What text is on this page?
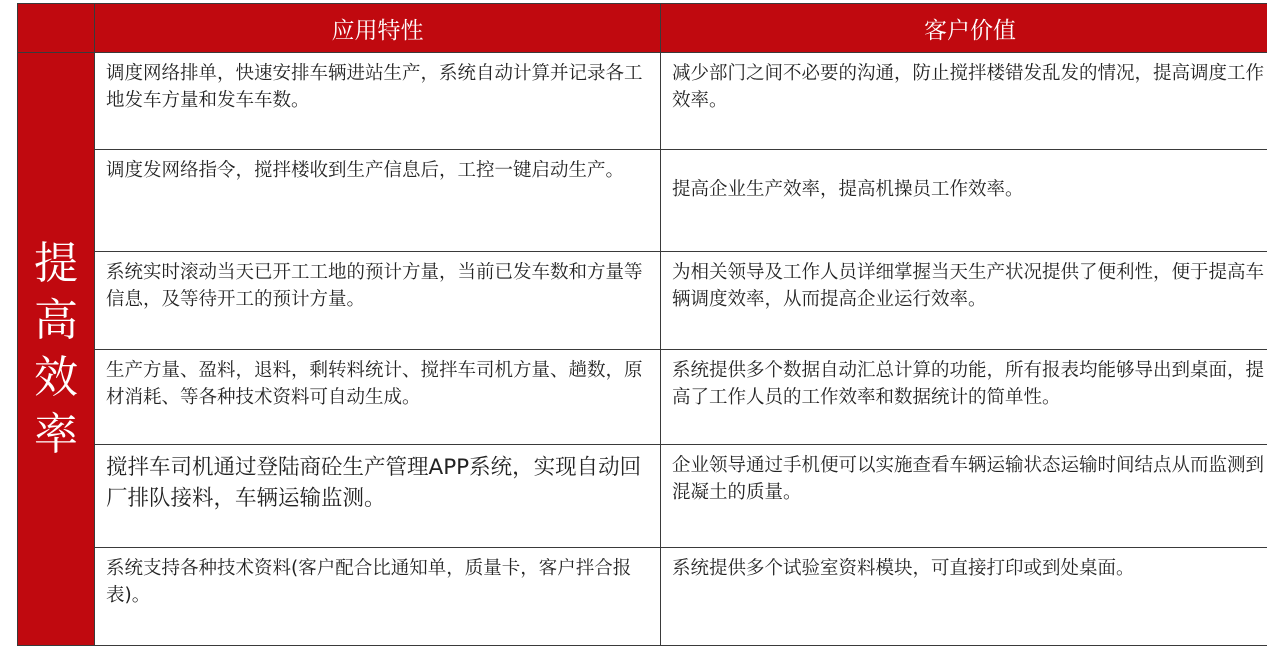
	应用特性	客户价值

提
高
效
率	调度网络排单，快速安排车辆进站生产，系统自动计算并记录各工地发车方量和发车车数。	减少部门之间不必要的沟通，防止搅拌楼错发乱发的情况，提高调度工作效率。
	调度发网络指令，搅拌楼收到生产信息后，工控一键启动生产。	提高企业生产效率，提高机操员工作效率。

	系统实时滚动当天已开工工地的预计方量，当前已发车数和方量等信息，及等待开工的预计方量。	为相关领导及工作人员详细掌握当天生产状况提供了便利性，便于提高车辆调度效率，从而提高企业运行效率。
	生产方量、盈料，退料，剩转料统计、搅拌车司机方量、趟数，原材消耗、等各种技术资料可自动生成。	系统提供多个数据自动汇总计算的功能，所有报表均能够导出到桌面，提高了工作人员的工作效率和数据统计的简单性。
	搅拌车司机通过登陆商砼生产管理APP系统，实现自动回厂排队接料，车辆运输监测。	企业领导通过手机便可以实施查看车辆运输状态运输时间结点从而监测到混凝土的质量。
	系统支持各种技术资料(客户配合比通知单，质量卡，客户拌合报表)。	系统提供多个试验室资料模块，可直接打印或到处桌面。
